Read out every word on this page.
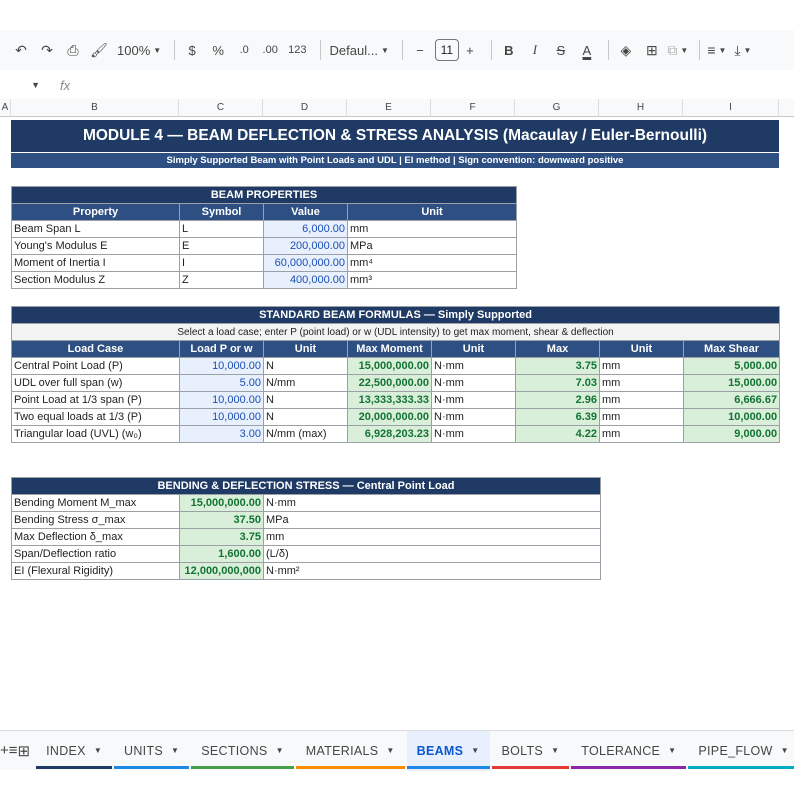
↶	↷	⎙ 🖌 100% ▼	$	%	.0	.00 123 Defaul... ▼	−	11 +	B	I	S	A	◈	⊞ ⧉ ▼ ≡ ▼ ⤓ ▼
▼ fx
A	B	C	D	E	F	G	H	I
MODULE 4 — BEAM DEFLECTION & STRESS ANALYSIS (Macaulay / Euler-Bernoulli)
Simply Supported Beam with Point Loads and UDL | EI method | Sign convention: downward positive
BEAM PROPERTIES			
Property	Symbol	Value	Unit
Beam Span L	L	6,000.00	mm
Young's Modulus E	E	200,000.00	MPa
Moment of Inertia I	I	60,000,000.00	mm⁴
Section Modulus Z	Z	400,000.00	mm³
STANDARD BEAM FORMULAS — Simply Supported							
Select a load case; enter P (point load) or w (UDL intensity) to get max moment, shear & deflection							
Load Case	Load P or w	Unit	Max Moment	Unit	Max	Unit	Max Shear
Central Point Load (P)	10,000.00	N	15,000,000.00	N·mm	3.75	mm	5,000.00
UDL over full span (w)	5.00	N/mm	22,500,000.00	N·mm	7.03	mm	15,000.00
Point Load at 1/3 span (P)	10,000.00	N	13,333,333.33	N·mm	2.96	mm	6,666.67
Two equal loads at 1/3 (P)	10,000.00	N	20,000,000.00	N·mm	6.39	mm	10,000.00
Triangular load (UVL) (w₀)	3.00	N/mm (max)	6,928,203.23	N·mm	4.22	mm	9,000.00
BENDING & DEFLECTION STRESS — Central Point Load		
Bending Moment M_max	15,000,000.00	N·mm
Bending Stress σ_max	37.50	MPa
Max Deflection δ_max	3.75	mm
Span/Deflection ratio	1,600.00	(L/δ)
EI (Flexural Rigidity)	12,000,000,000	N·mm²
+ ≡ ⊞ INDEX ▼ UNITS ▼ SECTIONS ▼ MATERIALS ▼ BEAMS ▼ BOLTS ▼ TOLERANCE ▼ PIPE_FLOW ▼
